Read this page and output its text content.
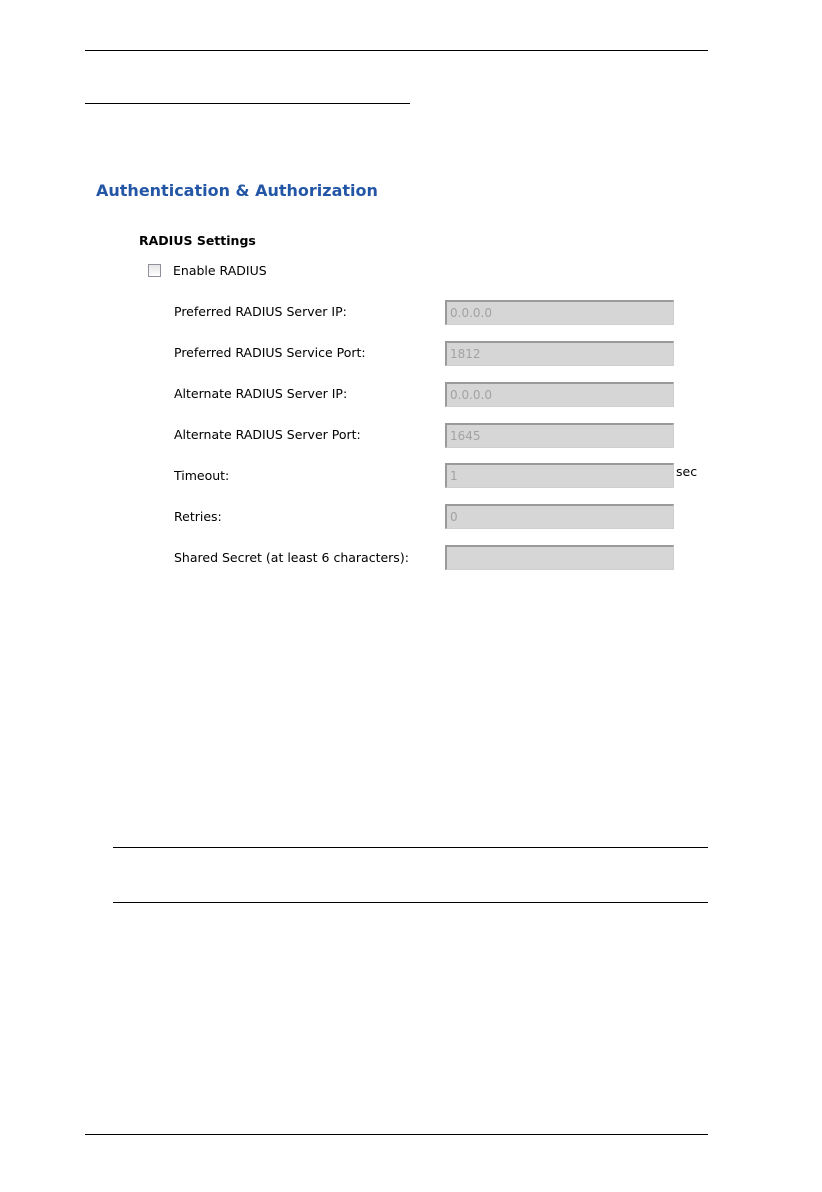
Authentication & Authorization
RADIUS Settings
Enable RADIUS
Preferred RADIUS Server IP:
0.0.0.0
Preferred RADIUS Service Port:
1812
Alternate RADIUS Server IP:
0.0.0.0
Alternate RADIUS Server Port:
1645
Timeout:
1	sec
Retries:
0
Shared Secret (at least 6 characters):
